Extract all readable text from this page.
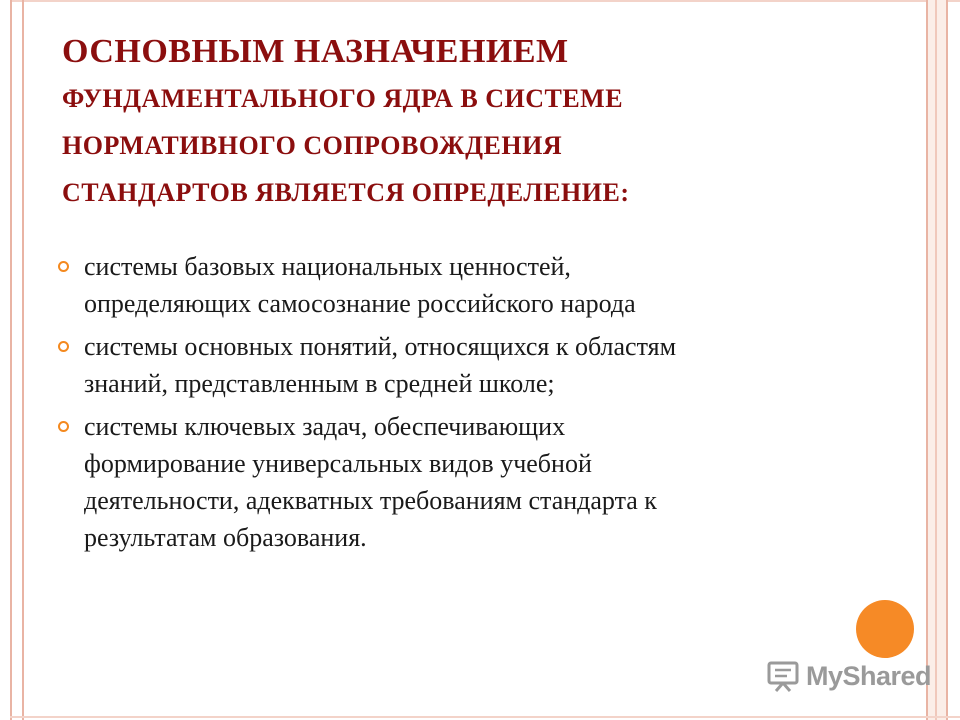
ОСНОВНЫМ НАЗНАЧЕНИЕМ
ФУНДАМЕНТАЛЬНОГО ЯДРА В СИСТЕМЕ
НОРМАТИВНОГО СОПРОВОЖДЕНИЯ
СТАНДАРТОВ ЯВЛЯЕТСЯ ОПРЕДЕЛЕНИЕ:
системы базовых национальных ценностей,
определяющих самосознание российского народа
системы основных понятий, относящихся к областям
знаний, представленным в средней школе;
системы ключевых задач, обеспечивающих
формирование универсальных видов учебной
деятельности, адекватных требованиям стандарта к
результатам образования.
MyShared
